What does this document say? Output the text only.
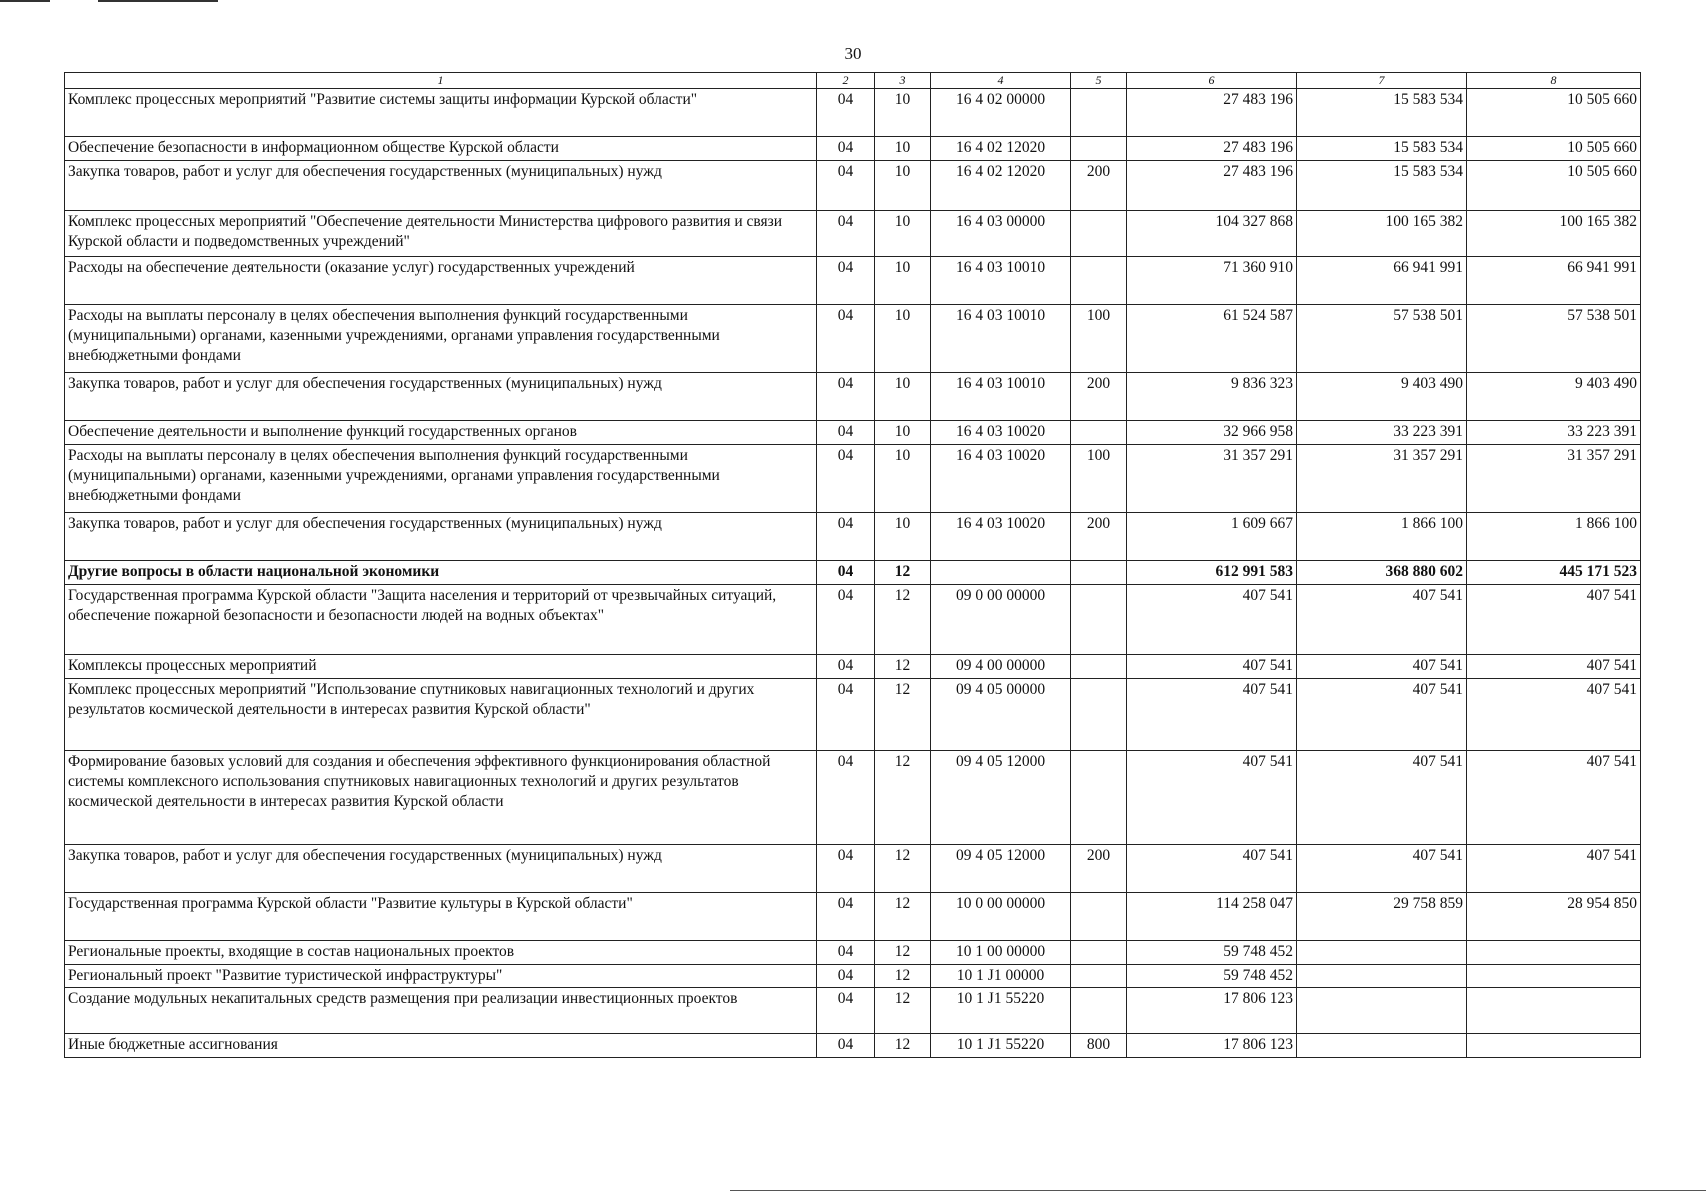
30
1	2	3	4	5	6	7	8
Комплекс процессных мероприятий "Развитие системы защиты информации Курской области"	04	10	16 4 02 00000		27 483 196	15 583 534	10 505 660
Обеспечение безопасности в информационном обществе Курской области	04	10	16 4 02 12020		27 483 196	15 583 534	10 505 660
Закупка товаров, работ и услуг для обеспечения государственных (муниципальных) нужд	04	10	16 4 02 12020	200	27 483 196	15 583 534	10 505 660
Комплекс процессных мероприятий "Обеспечение деятельности Министерства цифрового развития и связи Курской области и подведомственных учреждений"	04	10	16 4 03 00000		104 327 868	100 165 382	100 165 382
Расходы на обеспечение деятельности (оказание услуг) государственных учреждений	04	10	16 4 03 10010		71 360 910	66 941 991	66 941 991
Расходы на выплаты персоналу в целях обеспечения выполнения функций государственными (муниципальными) органами, казенными учреждениями, органами управления государственными внебюджетными фондами	04	10	16 4 03 10010	100	61 524 587	57 538 501	57 538 501
Закупка товаров, работ и услуг для обеспечения государственных (муниципальных) нужд	04	10	16 4 03 10010	200	9 836 323	9 403 490	9 403 490
Обеспечение деятельности и выполнение функций государственных органов	04	10	16 4 03 10020		32 966 958	33 223 391	33 223 391
Расходы на выплаты персоналу в целях обеспечения выполнения функций государственными (муниципальными) органами, казенными учреждениями, органами управления государственными внебюджетными фондами	04	10	16 4 03 10020	100	31 357 291	31 357 291	31 357 291
Закупка товаров, работ и услуг для обеспечения государственных (муниципальных) нужд	04	10	16 4 03 10020	200	1 609 667	1 866 100	1 866 100
Другие вопросы в области национальной экономики	04	12			612 991 583	368 880 602	445 171 523
Государственная программа Курской области "Защита населения и территорий от чрезвычайных ситуаций, обеспечение пожарной безопасности и безопасности людей на водных объектах"	04	12	09 0 00 00000		407 541	407 541	407 541
Комплексы процессных мероприятий	04	12	09 4 00 00000		407 541	407 541	407 541
Комплекс процессных мероприятий "Использование спутниковых навигационных технологий и других результатов космической деятельности в интересах развития Курской области"	04	12	09 4 05 00000		407 541	407 541	407 541
Формирование базовых условий для создания и обеспечения эффективного функционирования областной системы комплексного использования спутниковых навигационных технологий и других результатов космической деятельности в интересах развития Курской области	04	12	09 4 05 12000		407 541	407 541	407 541
Закупка товаров, работ и услуг для обеспечения государственных (муниципальных) нужд	04	12	09 4 05 12000	200	407 541	407 541	407 541
Государственная программа Курской области "Развитие культуры в Курской области"	04	12	10 0 00 00000		114 258 047	29 758 859	28 954 850
Региональные проекты, входящие в состав национальных проектов	04	12	10 1 00 00000		59 748 452		
Региональный проект "Развитие туристической инфраструктуры"	04	12	10 1 J1 00000		59 748 452		
Создание модульных некапитальных средств размещения при реализации инвестиционных проектов	04	12	10 1 J1 55220		17 806 123		
Иные бюджетные ассигнования	04	12	10 1 J1 55220	800	17 806 123		
